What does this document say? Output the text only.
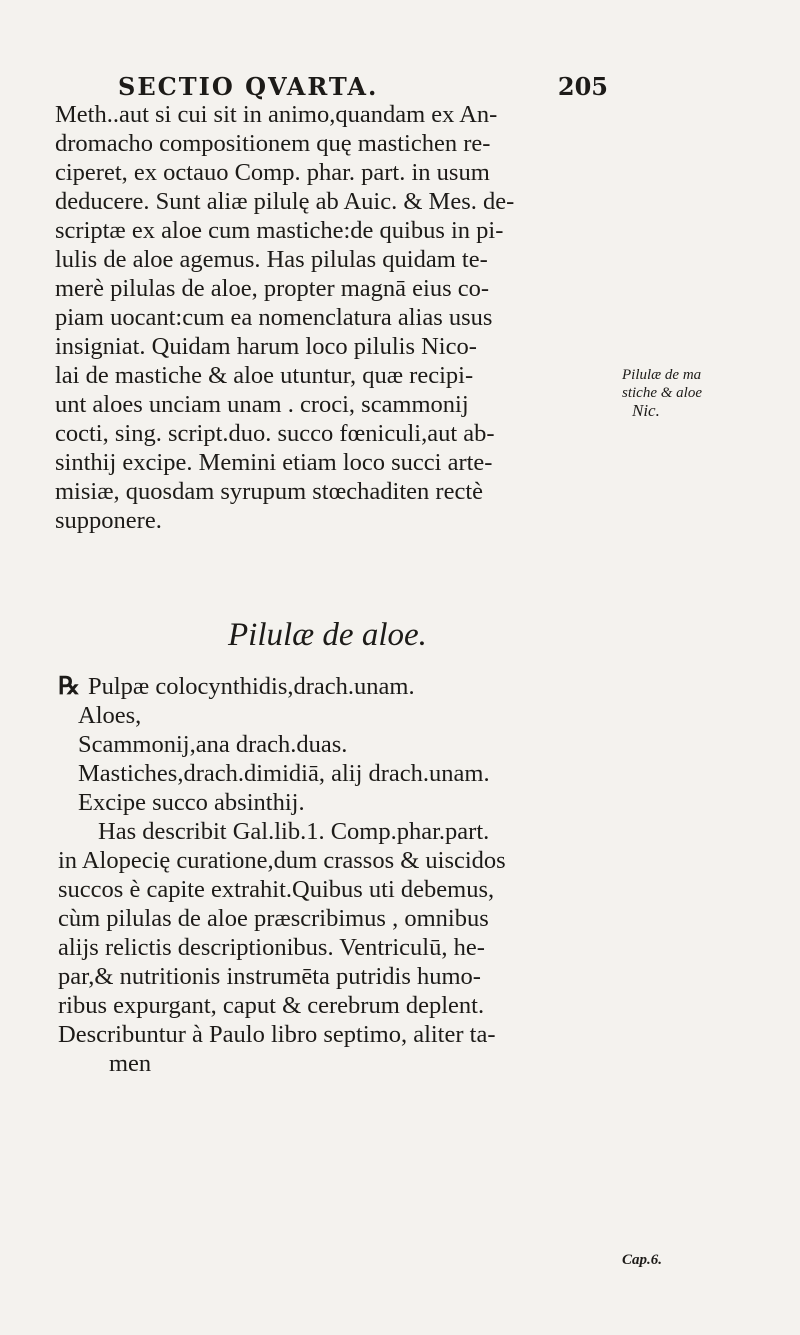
SECTIO QVARTA.	205
Meth..aut si cui sit in animo,quandam ex An-
dromacho compositionem quę mastichen re-
ciperet, ex octauo Comp. phar. part. in usum
deducere. Sunt aliæ pilulę ab Auic. & Mes. de-
scriptæ ex aloe cum mastiche:de quibus in pi-
lulis de aloe agemus. Has pilulas quidam te-
merè pilulas de aloe, propter magnā eius co-
piam uocant:cum ea nomenclatura alias usus
insigniat. Quidam harum loco pilulis Nico-
lai de mastiche & aloe utuntur, quæ recipi-
unt aloes unciam unam . croci, scammonij
cocti, sing. script.duo. succo fœniculi,aut ab-
sinthij excipe. Memini etiam loco succi arte-
misiæ, quosdam syrupum stœchaditen rectè
supponere.
Pilulæ de aloe.
℞ Pulpæ colocynthidis,drach.unam.
Aloes,
Scammonij,ana drach.duas.
Mastiches,drach.dimidiā, alij drach.unam.
Excipe succo absinthij.
Has describit Gal.lib.1. Comp.phar.part.
in Alopecię curatione,dum crassos & uiscidos
succos è capite extrahit.Quibus uti debemus,
cùm pilulas de aloe præscribimus , omnibus
alijs relictis descriptionibus. Ventriculū, he-
par,& nutritionis instrumēta putridis humo-
ribus expurgant, caput & cerebrum deplent.
Describuntur à Paulo libro septimo, aliter ta-
men
Pilulæ de ma
stiche & aloe
Nic.
Cap.6.
